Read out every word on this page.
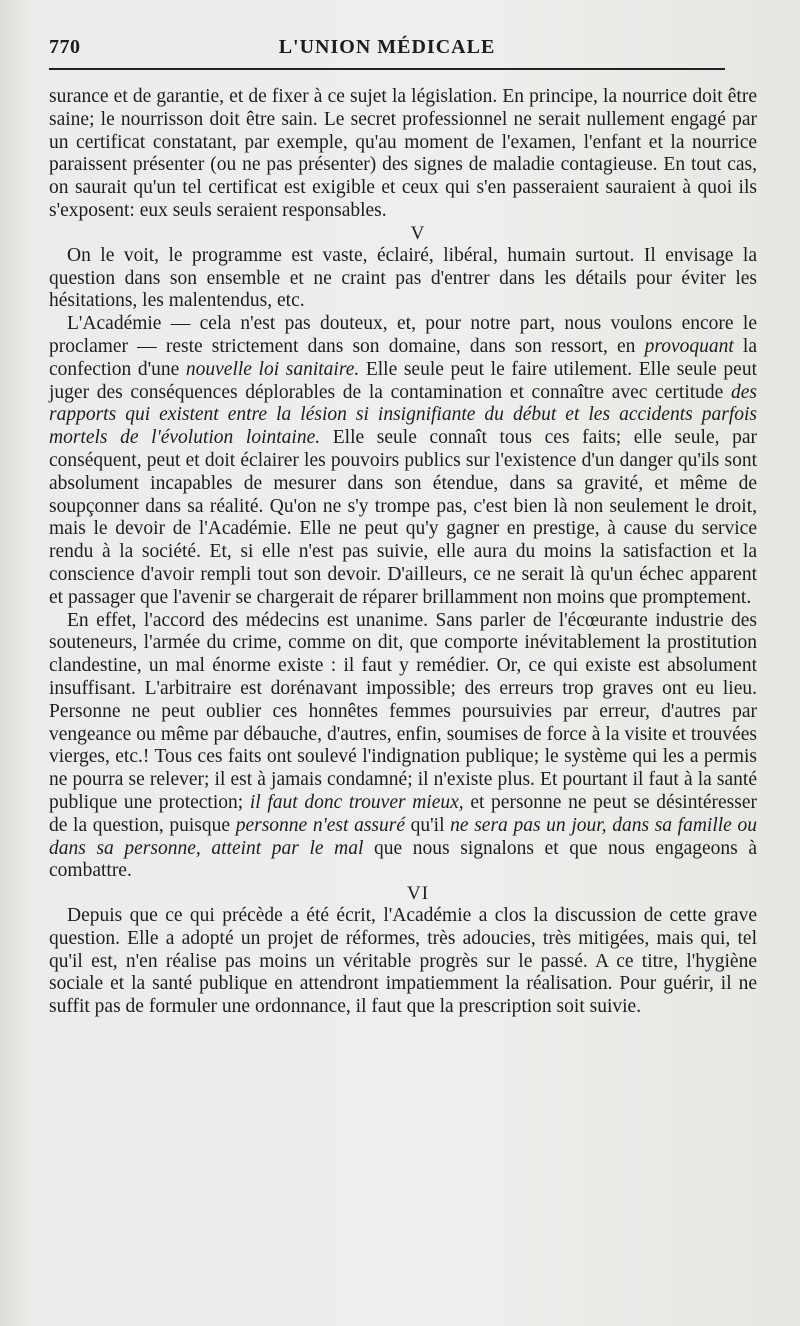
770	L'UNION MÉDICALE

surance et de garantie, et de fixer à ce sujet la législation. En principe, la nourrice doit être saine; le nourrisson doit être sain. Le secret professionnel ne serait nullement engagé par un certificat constatant, par exemple, qu'au moment de l'examen, l'enfant et la nourrice paraissent présenter (ou ne pas présenter) des signes de maladie contagieuse. En tout cas, on saurait qu'un tel certificat est exigible et ceux qui s'en passeraient sauraient à quoi ils s'exposent: eux seuls seraient responsables.

V

On le voit, le programme est vaste, éclairé, libéral, humain surtout. Il envisage la question dans son ensemble et ne craint pas d'entrer dans les détails pour éviter les hésitations, les malentendus, etc.

L'Académie — cela n'est pas douteux, et, pour notre part, nous voulons encore le proclamer — reste strictement dans son domaine, dans son ressort, en provoquant la confection d'une nouvelle loi sanitaire. Elle seule peut le faire utilement. Elle seule peut juger des conséquences déplorables de la contamination et connaître avec certitude des rapports qui existent entre la lésion si insignifiante du début et les accidents parfois mortels de l'évolution lointaine. Elle seule connaît tous ces faits; elle seule, par conséquent, peut et doit éclairer les pouvoirs publics sur l'existence d'un danger qu'ils sont absolument incapables de mesurer dans son étendue, dans sa gravité, et même de soupçonner dans sa réalité. Qu'on ne s'y trompe pas, c'est bien là non seulement le droit, mais le devoir de l'Académie. Elle ne peut qu'y gagner en prestige, à cause du service rendu à la société. Et, si elle n'est pas suivie, elle aura du moins la satisfaction et la conscience d'avoir rempli tout son devoir. D'ailleurs, ce ne serait là qu'un échec apparent et passager que l'avenir se chargerait de réparer brillamment non moins que promptement.

En effet, l'accord des médecins est unanime. Sans parler de l'écœurante industrie des souteneurs, l'armée du crime, comme on dit, que comporte inévitablement la prostitution clandestine, un mal énorme existe : il faut y remédier. Or, ce qui existe est absolument insuffisant. L'arbitraire est dorénavant impossible; des erreurs trop graves ont eu lieu. Personne ne peut oublier ces honnêtes femmes poursuivies par erreur, d'autres par vengeance ou même par débauche, d'autres, enfin, soumises de force à la visite et trouvées vierges, etc.! Tous ces faits ont soulevé l'indignation publique; le système qui les a permis ne pourra se relever; il est à jamais condamné; il n'existe plus. Et pourtant il faut à la santé publique une protection; il faut donc trouver mieux, et personne ne peut se désintéresser de la question, puisque personne n'est assuré qu'il ne sera pas un jour, dans sa famille ou dans sa personne, atteint par le mal que nous signalons et que nous engageons à combattre.

VI

Depuis que ce qui précède a été écrit, l'Académie a clos la discussion de cette grave question. Elle a adopté un projet de réformes, très adoucies, très mitigées, mais qui, tel qu'il est, n'en réalise pas moins un véritable progrès sur le passé. A ce titre, l'hygiène sociale et la santé publique en attendront impatiemment la réalisation. Pour guérir, il ne suffit pas de formuler une ordonnance, il faut que la prescription soit suivie.
